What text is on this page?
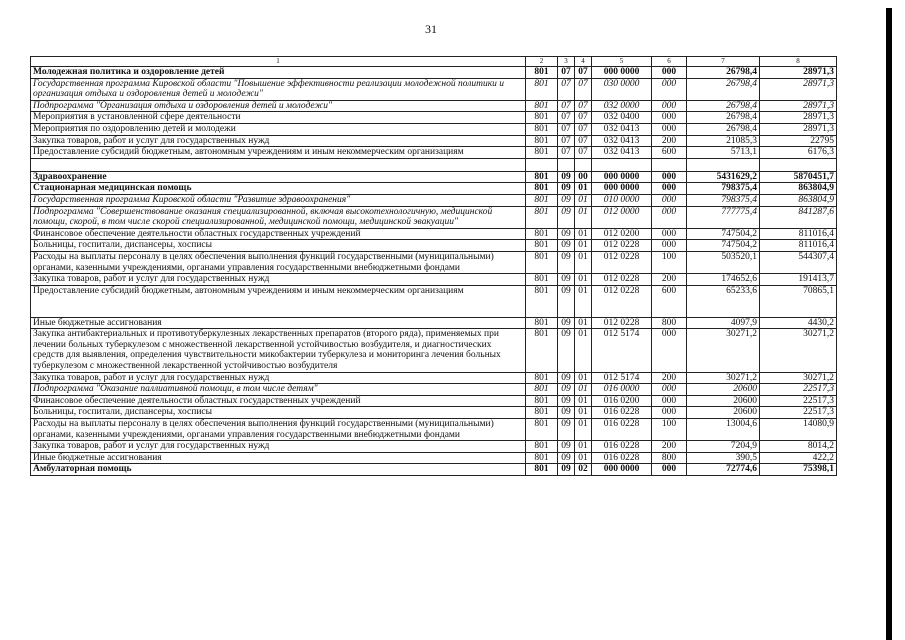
31
1	2	3	4	5	6	7	8
Молодежная политика и оздоровление детей	801	07	07	000 0000	000	26798,4	28971,3
Государственная программа Кировской области "Повышение эффективности реализации молодежной политики и организация отдыха и оздоровления детей и молодежи"	801	07	07	030 0000	000	26798,4	28971,3
Подпрограмма "Организация отдыха и оздоровления детей и молодежи"	801	07	07	032 0000	000	26798,4	28971,3
Мероприятия в установленной сфере деятельности	801	07	07	032 0400	000	26798,4	28971,3
Мероприятия по оздоровлению детей и молодежи	801	07	07	032 0413	000	26798,4	28971,3
Закупка товаров, работ и услуг для государственных нужд	801	07	07	032 0413	200	21085,3	22795
Предоставление субсидий бюджетным, автономным учреждениям и иным некоммерческим организациям	801	07	07	032 0413	600	5713,1	6176,3

Здравоохранение	801	09	00	000 0000	000	5431629,2	5870451,7
Стационарная медицинская помощь	801	09	01	000 0000	000	798375,4	863804,9
Государственная программа Кировской области "Развитие здравоохранения"	801	09	01	010 0000	000	798375,4	863804,9
Подпрограмма "Совершенствование оказания специализированной, включая высокотехнологичную, медицинской помощи, скорой, в том числе скорой специализированной, медицинской помощи, медицинской эвакуации"	801	09	01	012 0000	000	777775,4	841287,6
Финансовое обеспечение деятельности областных государственных учреждений	801	09	01	012 0200	000	747504,2	811016,4
Больницы, госпитали, диспансеры, хосписы	801	09	01	012 0228	000	747504,2	811016,4
Расходы на выплаты персоналу в целях обеспечения выполнения функций государственными (муниципальными) органами, казенными учреждениями, органами управления государственными внебюджетными фондами	801	09	01	012 0228	100	503520,1	544307,4
Закупка товаров, работ и услуг для государственных нужд	801	09	01	012 0228	200	174652,6	191413,7
Предоставление субсидий бюджетным, автономным учреждениям и иным некоммерческим организациям	801	09	01	012 0228	600	65233,6	70865,1
Иные бюджетные ассигнования	801	09	01	012 0228	800	4097,9	4430,2
Закупка антибактериальных и противотуберкулезных лекарственных препаратов (второго ряда), применяемых при лечении больных туберкулезом с множественной лекарственной устойчивостью возбудителя, и диагностических средств для выявления, определения чувствительности микобактерии туберкулеза и мониторинга лечения больных туберкулезом с множественной лекарственной устойчивостью возбудителя	801	09	01	012 5174	000	30271,2	30271,2
Закупка товаров, работ и услуг для государственных нужд	801	09	01	012 5174	200	30271,2	30271,2
Подпрограмма "Оказание паллиативной помощи, в том числе детям"	801	09	01	016 0000	000	20600	22517,3
Финансовое обеспечение деятельности областных государственных учреждений	801	09	01	016 0200	000	20600	22517,3
Больницы, госпитали, диспансеры, хосписы	801	09	01	016 0228	000	20600	22517,3
Расходы на выплаты персоналу в целях обеспечения выполнения функций государственными (муниципальными) органами, казенными учреждениями, органами управления государственными внебюджетными фондами	801	09	01	016 0228	100	13004,6	14080,9
Закупка товаров, работ и услуг для государственных нужд	801	09	01	016 0228	200	7204,9	8014,2
Иные бюджетные ассигнования	801	09	01	016 0228	800	390,5	422,2
Амбулаторная помощь	801	09	02	000 0000	000	72774,6	75398,1
